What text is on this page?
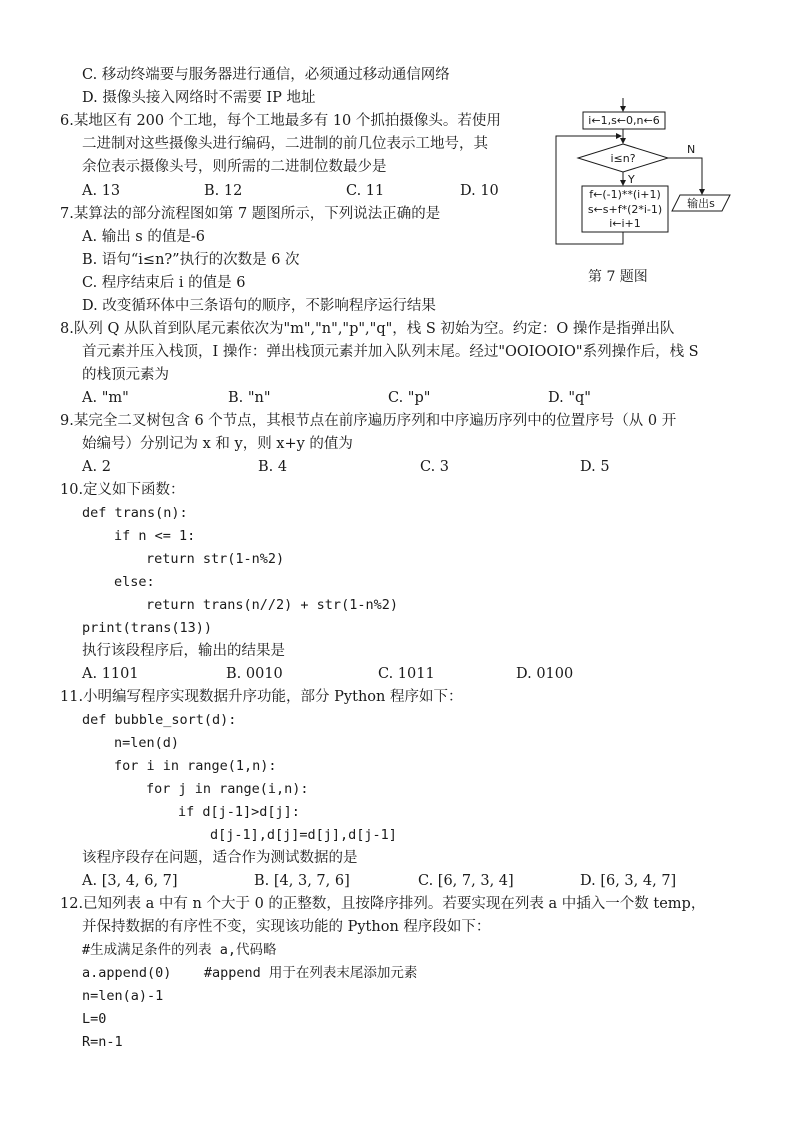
C. 移动终端要与服务器进行通信，必须通过移动通信网络
D. 摄像头接入网络时不需要 IP 地址
6.某地区有 200 个工地，每个工地最多有 10 个抓拍摄像头。若使用
二进制对这些摄像头进行编码，二进制的前几位表示工地号，其
余位表示摄像头号，则所需的二进制位数最少是
A. 13	B. 12	C. 11	D. 10
7.某算法的部分流程图如第 7 题图所示，下列说法正确的是
A. 输出 s 的值是-6
B. 语句“i≤n?”执行的次数是 6 次
C. 程序结束后 i 的值是 6
D. 改变循环体中三条语句的顺序，不影响程序运行结果
i←1,s←0,n←6
i≤n?
N
输出s
Y
f←(-1)**(i+1)
s←s+f*(2*i-1)
i←i+1
第 7 题图
8.队列 Q 从队首到队尾元素依次为"m","n","p","q"，栈 S 初始为空。约定：O 操作是指弹出队
首元素并压入栈顶，I 操作：弹出栈顶元素并加入队列末尾。经过"OOIOOIO"系列操作后，栈 S
的栈顶元素为
A. "m"	B. "n"	C. "p"	D. "q"
9.某完全二叉树包含 6 个节点，其根节点在前序遍历序列和中序遍历序列中的位置序号（从 0 开
始编号）分别记为 x 和 y，则 x+y 的值为
A. 2	B. 4	C. 3	D. 5
10.定义如下函数：
def trans(n):
if n <= 1:
return str(1-n%2)
else:
return trans(n//2) + str(1-n%2)
print(trans(13))
执行该段程序后，输出的结果是
A. 1101	B. 0010	C. 1011	D. 0100
11.小明编写程序实现数据升序功能，部分 Python 程序如下：
def bubble_sort(d):
n=len(d)
for i in range(1,n):
for j in range(i,n):
if d[j-1]>d[j]:
d[j-1],d[j]=d[j],d[j-1]
该程序段存在问题，适合作为测试数据的是
A. [3, 4, 6, 7]	B. [4, 3, 7, 6]	C. [6, 7, 3, 4]	D. [6, 3, 4, 7]
12.已知列表 a 中有 n 个大于 0 的正整数，且按降序排列。若要实现在列表 a 中插入一个数 temp，
并保持数据的有序性不变，实现该功能的 Python 程序段如下：
#生成满足条件的列表 a,代码略
a.append(0)    #append 用于在列表末尾添加元素
n=len(a)-1
L=0
R=n-1
